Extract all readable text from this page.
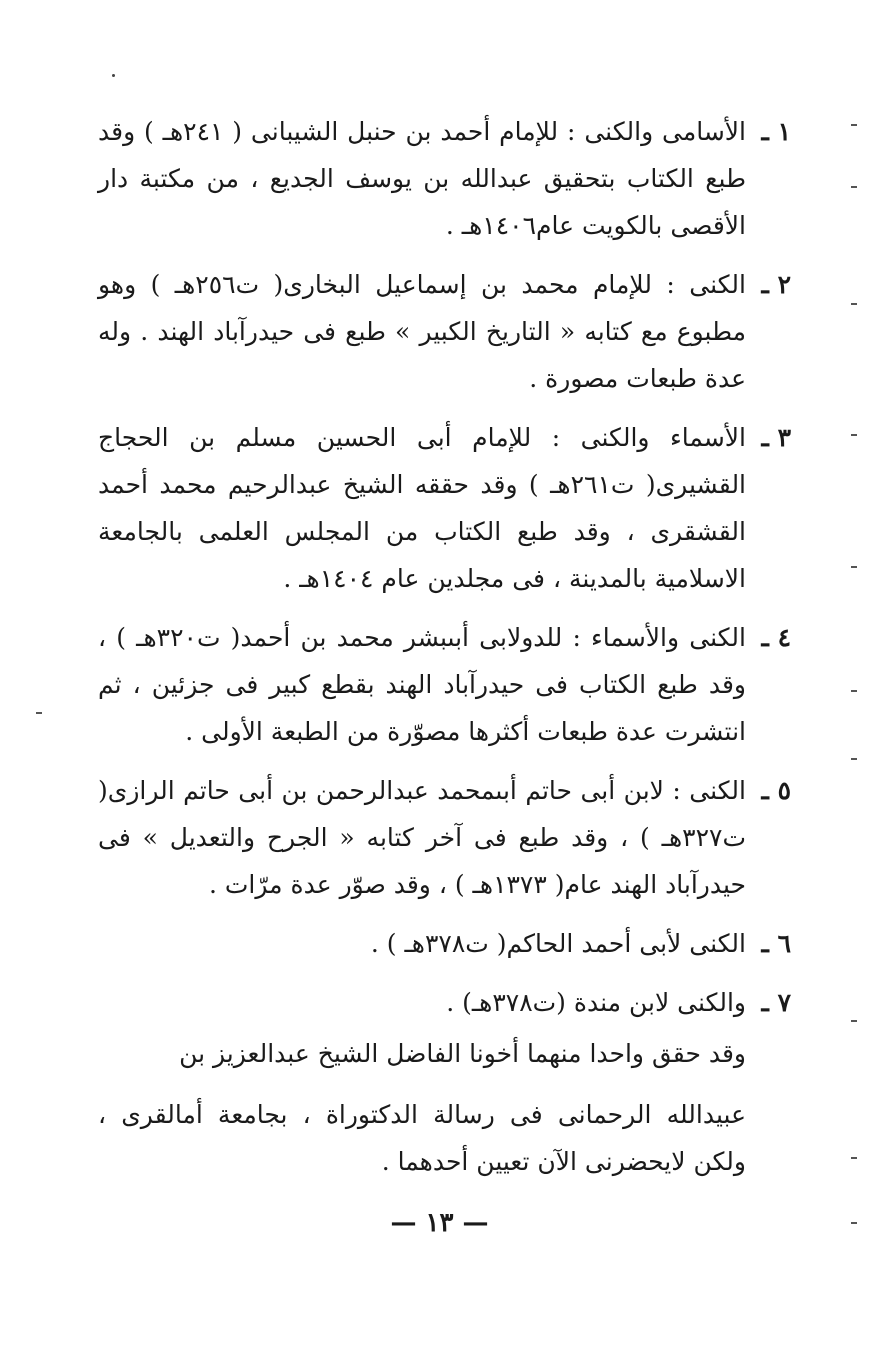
١ ـ
الأسامى والكنى : للإمام أحمد بن حنبل الشيبانى ( ٢٤١هـ ) وقد طبع الكتاب بتحقيق عبدالله بن يوسف الجديع ، من مكتبة دار الأقصى بالكويت عام١٤٠٦هـ .
٢ ـ
الكنى : للإمام محمد بن إسماعيل البخارى( ت٢٥٦هـ ) وهو مطبوع مع كتابه « التاريخ الكبير » طبع فى حيدرآباد الهند . وله عدة طبعات مصورة .
٣ ـ
الأسماء والكنى : للإمام أبى الحسين مسلم بن الحجاج القشيرى( ت٢٦١هـ ) وقد حققه الشيخ عبدالرحيم محمد أحمد القشقرى ، وقد طبع الكتاب من المجلس العلمى بالجامعة الاسلامية بالمدينة ، فى مجلدين عام ١٤٠٤هـ .
٤ ـ
الكنى والأسماء : للدولابى أبىبشر محمد بن أحمد( ت٣٢٠هـ ) ، وقد طبع الكتاب فى حيدرآباد الهند بقطع كبير فى جزئين ، ثم انتشرت عدة طبعات أكثرها مصوّرة من الطبعة الأولى .
٥ ـ
الكنى : لابن أبى حاتم أبىمحمد عبدالرحمن بن أبى حاتم الرازى( ت٣٢٧هـ ) ، وقد طبع فى آخر كتابه « الجرح والتعديل » فى حيدرآباد الهند عام( ١٣٧٣هـ ) ، وقد صوّر عدة مرّات .
٦ ـ
الكنى لأبى أحمد الحاكم( ت٣٧٨هـ ) .
٧ ـ
والكنى لابن مندة (ت٣٧٨هـ) .

وقد حقق واحدا منهما أخونا الفاضل الشيخ عبدالعزيز بن

عبيدالله الرحمانى فى رسالة الدكتوراة ، بجامعة أمالقرى ، ولكن لايحضرنى الآن تعيين أحدهما .

— ١٣ —
